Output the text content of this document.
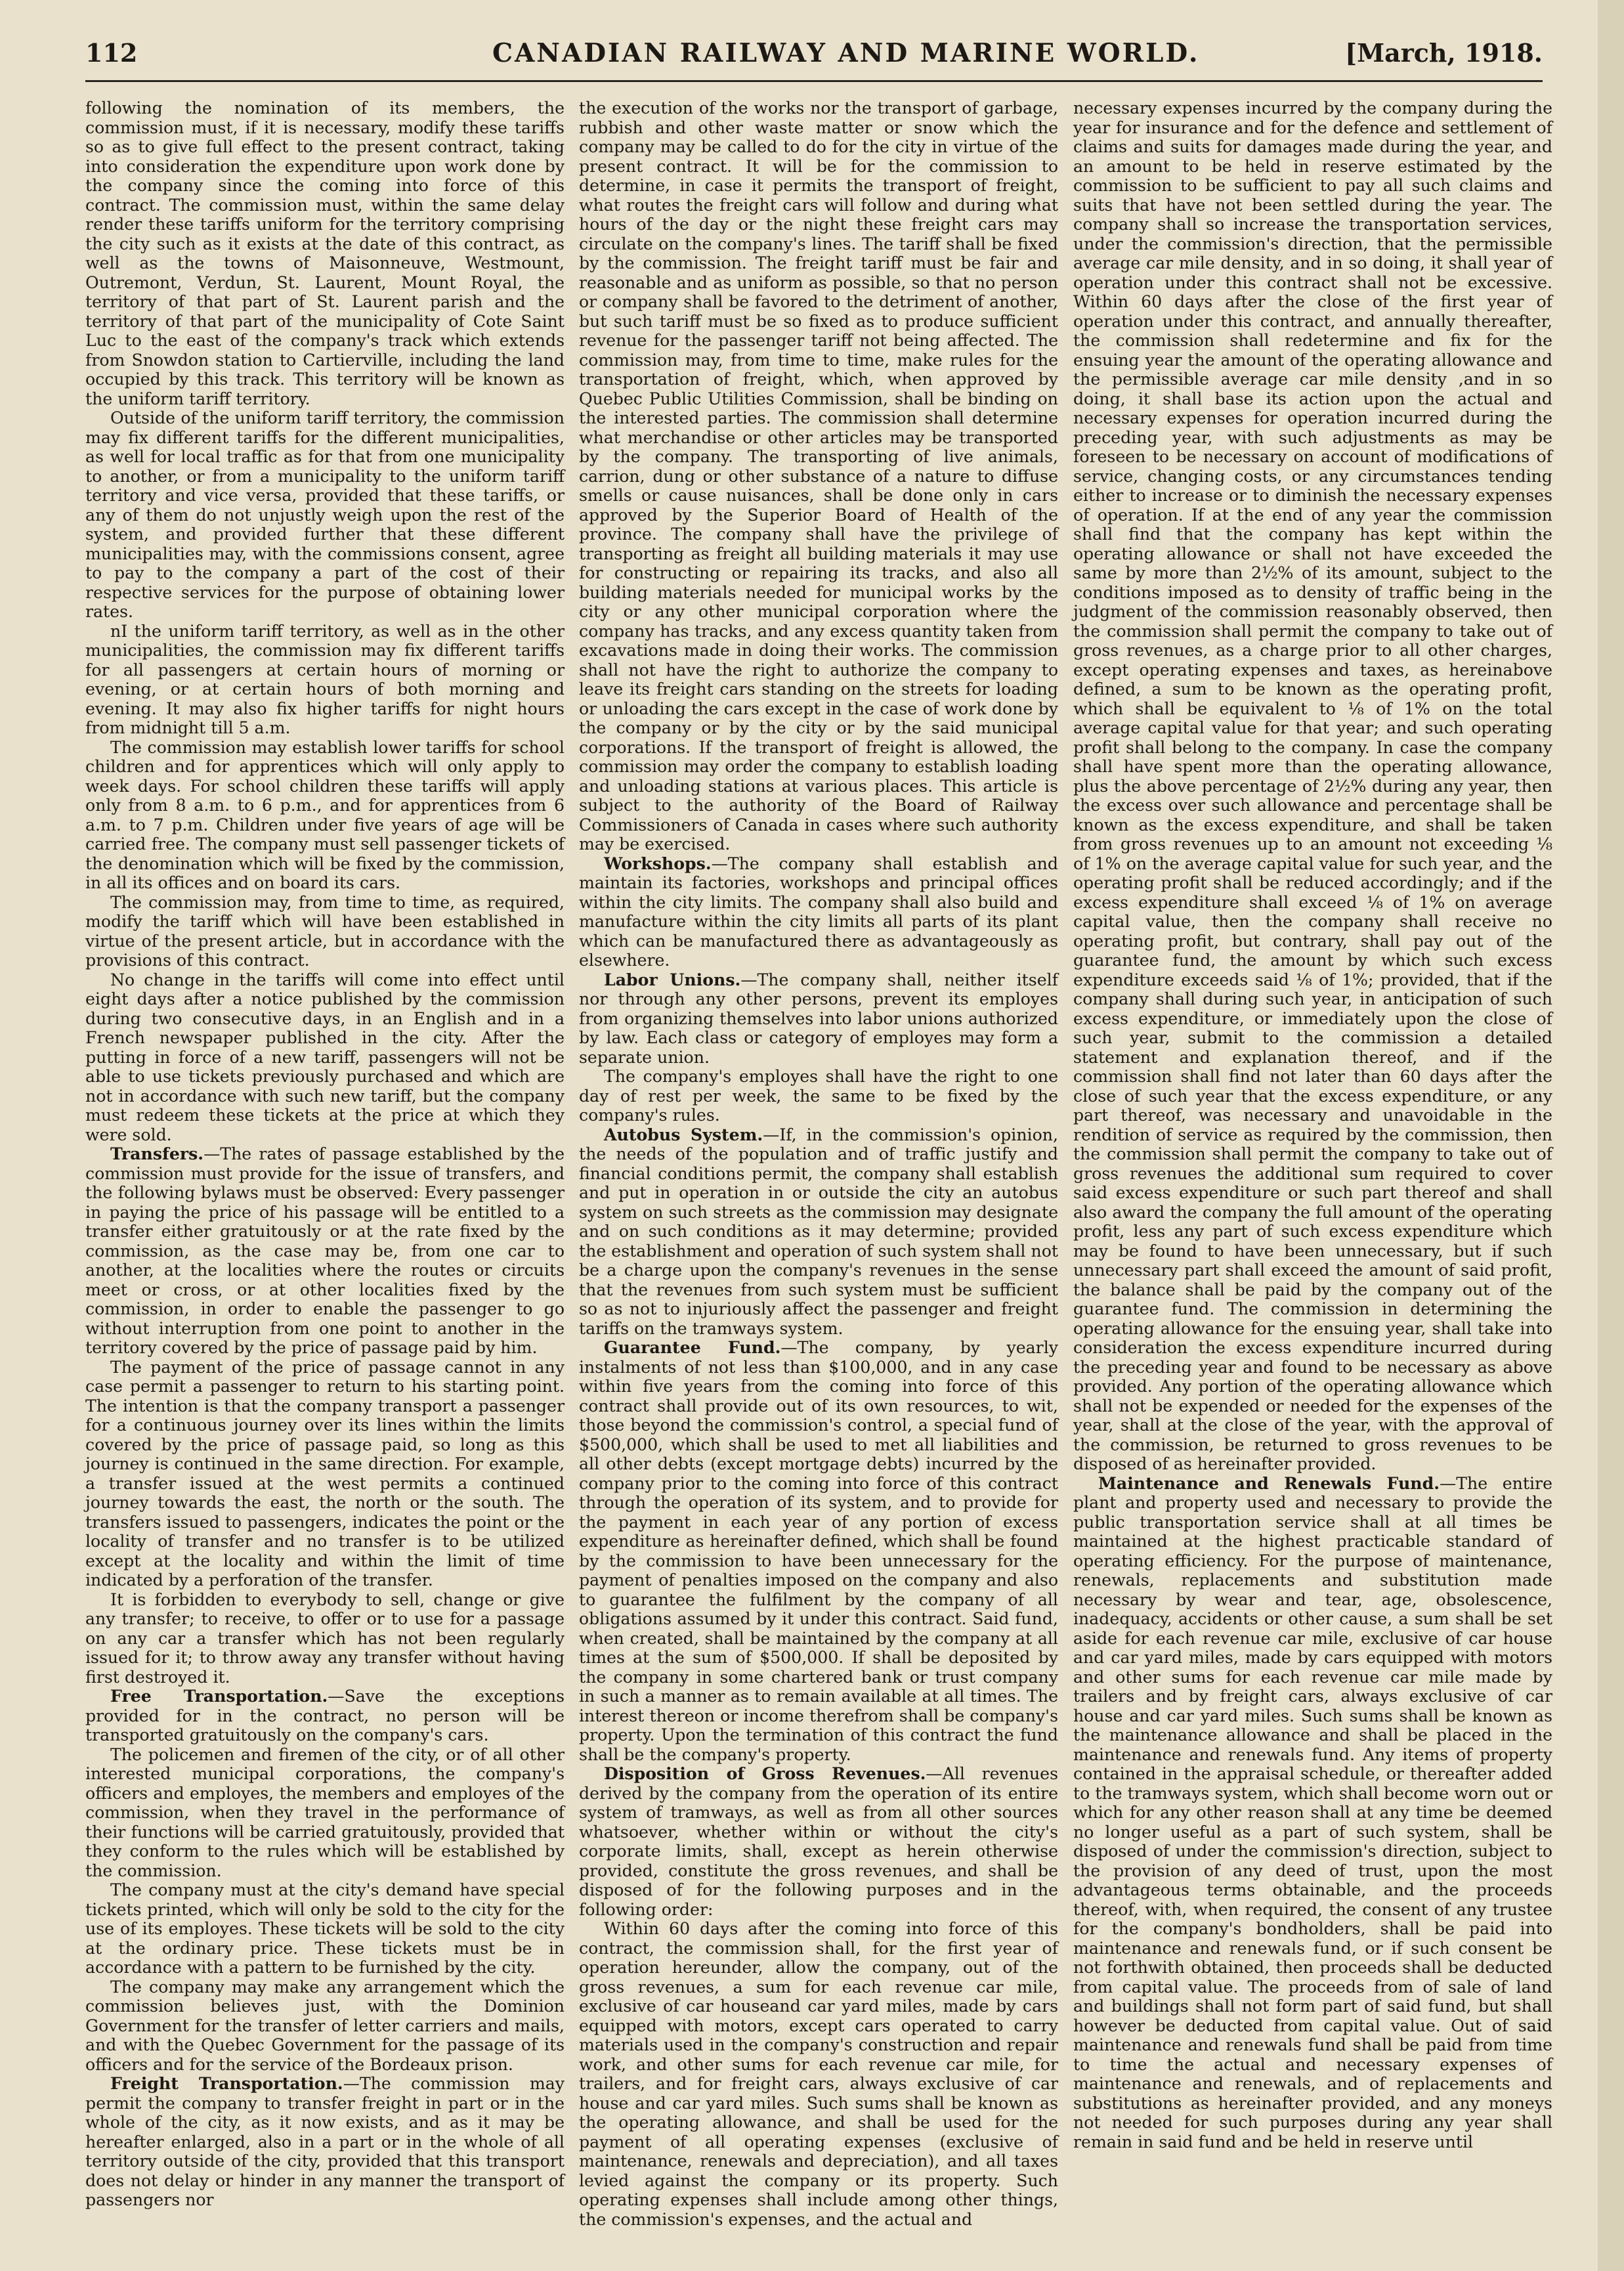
112	CANADIAN RAILWAY AND MARINE WORLD.	[March, 1918.

following the nomination of its members, the commission must, if it is necessary, modify these tariffs so as to give full effect to the present contract, taking into consideration the expenditure upon work done by the company since the coming into force of this contract. The commission must, within the same delay render these tariffs uniform for the territory comprising the city such as it exists at the date of this contract, as well as the towns of Maisonneuve, Westmount, Outremont, Verdun, St. Laurent, Mount Royal, the territory of that part of St. Laurent parish and the territory of that part of the municipality of Cote Saint Luc to the east of the company's track which extends from Snowdon station to Cartierville, including the land occupied by this track. This territory will be known as the uniform tariff territory.

Outside of the uniform tariff territory, the commission may fix different tariffs for the different municipalities, as well for local traffic as for that from one municipality to another, or from a municipality to the uniform tariff territory and vice versa, provided that these tariffs, or any of them do not unjustly weigh upon the rest of the system, and provided further that these different municipalities may, with the commissions consent, agree to pay to the company a part of the cost of their respective services for the purpose of obtaining lower rates.

nI the uniform tariff territory, as well as in the other municipalities, the commission may fix different tariffs for all passengers at certain hours of morning or evening, or at certain hours of both morning and evening. It may also fix higher tariffs for night hours from midnight till 5 a.m.

The commission may establish lower tariffs for school children and for apprentices which will only apply to week days. For school children these tariffs will apply only from 8 a.m. to 6 p.m., and for apprentices from 6 a.m. to 7 p.m. Children under five years of age will be carried free. The company must sell passenger tickets of the denomination which will be fixed by the commission, in all its offices and on board its cars.

The commission may, from time to time, as required, modify the tariff which will have been established in virtue of the present article, but in accordance with the provisions of this contract.

No change in the tariffs will come into effect until eight days after a notice published by the commission during two consecutive days, in an English and in a French newspaper published in the city. After the putting in force of a new tariff, passengers will not be able to use tickets previously purchased and which are not in accordance with such new tariff, but the company must redeem these tickets at the price at which they were sold.

Transfers.—The rates of passage established by the commission must provide for the issue of transfers, and the following bylaws must be observed: Every passenger in paying the price of his passage will be entitled to a transfer either gratuitously or at the rate fixed by the commission, as the case may be, from one car to another, at the localities where the routes or circuits meet or cross, or at other localities fixed by the commission, in order to enable the passenger to go without interruption from one point to another in the territory covered by the price of passage paid by him.

The payment of the price of passage cannot in any case permit a passenger to return to his starting point. The intention is that the company transport a passenger for a continuous journey over its lines within the limits covered by the price of passage paid, so long as this journey is continued in the same direction. For example, a transfer issued at the west permits a continued journey towards the east, the north or the south. The transfers issued to passengers, indicates the point or the locality of transfer and no transfer is to be utilized except at the locality and within the limit of time indicated by a perforation of the transfer.

It is forbidden to everybody to sell, change or give any transfer; to receive, to offer or to use for a passage on any car a transfer which has not been regularly issued for it; to throw away any transfer without having first destroyed it.

Free Transportation.—Save the exceptions provided for in the contract, no person will be transported gratuitously on the company's cars.

The policemen and firemen of the city, or of all other interested municipal corporations, the company's officers and employes, the members and employes of the commission, when they travel in the performance of their functions will be carried gratuitously, provided that they conform to the rules which will be established by the commission.

The company must at the city's demand have special tickets printed, which will only be sold to the city for the use of its employes. These tickets will be sold to the city at the ordinary price. These tickets must be in accordance with a pattern to be furnished by the city.

The company may make any arrangement which the commission believes just, with the Dominion Government for the transfer of letter carriers and mails, and with the Quebec Government for the passage of its officers and for the service of the Bordeaux prison.

Freight Transportation.—The commission may permit the company to transfer freight in part or in the whole of the city, as it now exists, and as it may be hereafter enlarged, also in a part or in the whole of all territory outside of the city, provided that this transport does not delay or hinder in any manner the transport of passengers nor

the execution of the works nor the transport of garbage, rubbish and other waste matter or snow which the company may be called to do for the city in virtue of the present contract. It will be for the commission to determine, in case it permits the transport of freight, what routes the freight cars will follow and during what hours of the day or the night these freight cars may circulate on the company's lines. The tariff shall be fixed by the commission. The freight tariff must be fair and reasonable and as uniform as possible, so that no person or company shall be favored to the detriment of another, but such tariff must be so fixed as to produce sufficient revenue for the passenger tariff not being affected. The commission may, from time to time, make rules for the transportation of freight, which, when approved by Quebec Public Utilities Commission, shall be binding on the interested parties. The commission shall determine what merchandise or other articles may be transported by the company. The transporting of live animals, carrion, dung or other substance of a nature to diffuse smells or cause nuisances, shall be done only in cars approved by the Superior Board of Health of the province. The company shall have the privilege of transporting as freight all building materials it may use for constructing or repairing its tracks, and also all building materials needed for municipal works by the city or any other municipal corporation where the company has tracks, and any excess quantity taken from excavations made in doing their works. The commission shall not have the right to authorize the company to leave its freight cars standing on the streets for loading or unloading the cars except in the case of work done by the company or by the city or by the said municipal corporations. If the transport of freight is allowed, the commission may order the company to establish loading and unloading stations at various places. This article is subject to the authority of the Board of Railway Commissioners of Canada in cases where such authority may be exercised.

Workshops.—The company shall establish and maintain its factories, workshops and principal offices within the city limits. The company shall also build and manufacture within the city limits all parts of its plant which can be manufactured there as advantageously as elsewhere.

Labor Unions.—The company shall, neither itself nor through any other persons, prevent its employes from organizing themselves into labor unions authorized by law. Each class or category of employes may form a separate union.

The company's employes shall have the right to one day of rest per week, the same to be fixed by the company's rules.

Autobus System.—If, in the commission's opinion, the needs of the population and of traffic justify and financial conditions permit, the company shall establish and put in operation in or outside the city an autobus system on such streets as the commission may designate and on such conditions as it may determine; provided the establishment and operation of such system shall not be a charge upon the company's revenues in the sense that the revenues from such system must be sufficient so as not to injuriously affect the passenger and freight tariffs on the tramways system.

Guarantee Fund.—The company, by yearly instalments of not less than $100,000, and in any case within five years from the coming into force of this contract shall provide out of its own resources, to wit, those beyond the commission's control, a special fund of $500,000, which shall be used to met all liabilities and all other debts (except mortgage debts) incurred by the company prior to the coming into force of this contract through the operation of its system, and to provide for the payment in each year of any portion of excess expenditure as hereinafter defined, which shall be found by the commission to have been unnecessary for the payment of penalties imposed on the company and also to guarantee the fulfilment by the company of all obligations assumed by it under this contract. Said fund, when created, shall be maintained by the company at all times at the sum of $500,000. If shall be deposited by the company in some chartered bank or trust company in such a manner as to remain available at all times. The interest thereon or income therefrom shall be company's property. Upon the termination of this contract the fund shall be the company's property.

Disposition of Gross Revenues.—All revenues derived by the company from the operation of its entire system of tramways, as well as from all other sources whatsoever, whether within or without the city's corporate limits, shall, except as herein otherwise provided, constitute the gross revenues, and shall be disposed of for the following purposes and in the following order:

Within 60 days after the coming into force of this contract, the commission shall, for the first year of operation hereunder, allow the company, out of the gross revenues, a sum for each revenue car mile, exclusive of car houseand car yard miles, made by cars equipped with motors, except cars operated to carry materials used in the company's construction and repair work, and other sums for each revenue car mile, for trailers, and for freight cars, always exclusive of car house and car yard miles. Such sums shall be known as the operating allowance, and shall be used for the payment of all operating expenses (exclusive of maintenance, renewals and depreciation), and all taxes levied against the company or its property. Such operating expenses shall include among other things, the commission's expenses, and the actual and

necessary expenses incurred by the company during the year for insurance and for the defence and settlement of claims and suits for damages made during the year, and an amount to be held in reserve estimated by the commission to be sufficient to pay all such claims and suits that have not been settled during the year. The company shall so increase the transportation services, under the commission's direction, that the permissible average car mile density, and in so doing, it shall year of operation under this contract shall not be excessive. Within 60 days after the close of the first year of operation under this contract, and annually thereafter, the commission shall redetermine and fix for the ensuing year the amount of the operating allowance and the permissible average car mile density ,and in so doing, it shall base its action upon the actual and necessary expenses for operation incurred during the preceding year, with such adjustments as may be foreseen to be necessary on account of modifications of service, changing costs, or any circumstances tending either to increase or to diminish the necessary expenses of operation. If at the end of any year the commission shall find that the company has kept within the operating allowance or shall not have exceeded the same by more than 2½% of its amount, subject to the conditions imposed as to density of traffic being in the judgment of the commission reasonably observed, then the commission shall permit the company to take out of gross revenues, as a charge prior to all other charges, except operating expenses and taxes, as hereinabove defined, a sum to be known as the operating profit, which shall be equivalent to ⅛ of 1% on the total average capital value for that year; and such operating profit shall belong to the company. In case the company shall have spent more than the operating allowance, plus the above percentage of 2½% during any year, then the excess over such allowance and percentage shall be known as the excess expenditure, and shall be taken from gross revenues up to an amount not exceeding ⅛ of 1% on the average capital value for such year, and the operating profit shall be reduced accordingly; and if the excess expenditure shall exceed ⅛ of 1% on average capital value, then the company shall receive no operating profit, but contrary, shall pay out of the guarantee fund, the amount by which such excess expenditure exceeds said ⅛ of 1%; provided, that if the company shall during such year, in anticipation of such excess expenditure, or immediately upon the close of such year, submit to the commission a detailed statement and explanation thereof, and if the commission shall find not later than 60 days after the close of such year that the excess expenditure, or any part thereof, was necessary and unavoidable in the rendition of service as required by the commission, then the commission shall permit the company to take out of gross revenues the additional sum required to cover said excess expenditure or such part thereof and shall also award the company the full amount of the operating profit, less any part of such excess expenditure which may be found to have been unnecessary, but if such unnecessary part shall exceed the amount of said profit, the balance shall be paid by the company out of the guarantee fund. The commission in determining the operating allowance for the ensuing year, shall take into consideration the excess expenditure incurred during the preceding year and found to be necessary as above provided. Any portion of the operating allowance which shall not be expended or needed for the expenses of the year, shall at the close of the year, with the approval of the commission, be returned to gross revenues to be disposed of as hereinafter provided.

Maintenance and Renewals Fund.—The entire plant and property used and necessary to provide the public transportation service shall at all times be maintained at the highest practicable standard of operating efficiency. For the purpose of maintenance, renewals, replacements and substitution made necessary by wear and tear, age, obsolescence, inadequacy, accidents or other cause, a sum shall be set aside for each revenue car mile, exclusive of car house and car yard miles, made by cars equipped with motors and other sums for each revenue car mile made by trailers and by freight cars, always exclusive of car house and car yard miles. Such sums shall be known as the maintenance allowance and shall be placed in the maintenance and renewals fund. Any items of property contained in the appraisal schedule, or thereafter added to the tramways system, which shall become worn out or which for any other reason shall at any time be deemed no longer useful as a part of such system, shall be disposed of under the commission's direction, subject to the provision of any deed of trust, upon the most advantageous terms obtainable, and the proceeds thereof, with, when required, the consent of any trustee for the company's bondholders, shall be paid into maintenance and renewals fund, or if such consent be not forthwith obtained, then proceeds shall be deducted from capital value. The proceeds from of sale of land and buildings shall not form part of said fund, but shall however be deducted from capital value. Out of said maintenance and renewals fund shall be paid from time to time the actual and necessary expenses of maintenance and renewals, and of replacements and substitutions as hereinafter provided, and any moneys not needed for such purposes during any year shall remain in said fund and be held in reserve until
